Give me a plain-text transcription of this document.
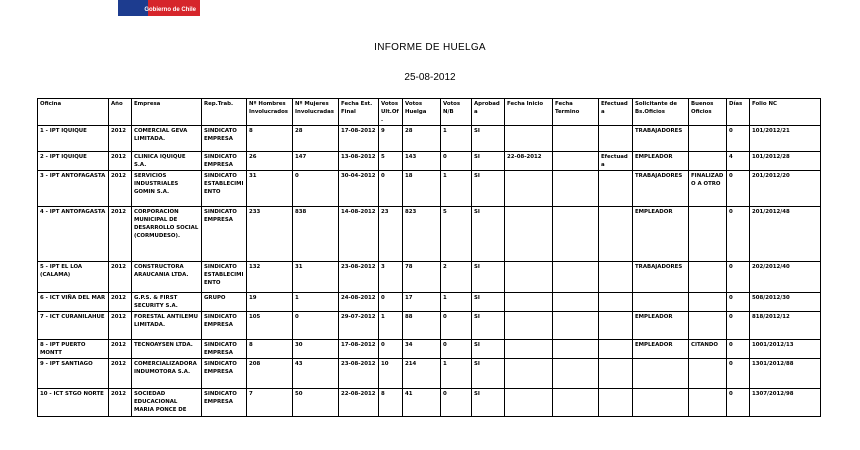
Gobierno de Chile
INFORME DE HUELGA
25-08-2012
Oficina	Año	Empresa	Rep.Trab.	Nº Hombres Involucrados	Nº Mujeres Involucradas	Fecha Est. Final	Votos Ult.Of.	Votos Huelga	Votos N/B	Aprobada	Fecha Inicio	Fecha Termino	Efectuada	Solicitante de Bs.Oficios	Buenos Oficios	Días	Folio NC
1 - IPT IQUIQUE	2012	COMERCIAL GEVA LIMITADA.	SINDICATO EMPRESA	8	28	17-08-2012	9	28	1	SI				TRABAJADORES		0	101/2012/21
2 - IPT IQUIQUE	2012	CLINICA IQUIQUE S.A.	SINDICATO EMPRESA	26	147	13-08-2012	5	143	0	SI	22-08-2012		Efectuada	EMPLEADOR		4	101/2012/28
3 - IPT ANTOFAGASTA	2012	SERVICIOS INDUSTRIALES GOMIN S.A.	SINDICATO ESTABLECIMIENTO	31	0	30-04-2012	0	18	1	SI				TRABAJADORES	FINALIZADO A OTRO	0	201/2012/20
4 - IPT ANTOFAGASTA	2012	CORPORACION MUNICIPAL DE DESARROLLO SOCIAL (CORMUDESO).	SINDICATO EMPRESA	233	838	14-08-2012	23	823	5	SI				EMPLEADOR		0	201/2012/48
5 - IPT EL LOA (CALAMA)	2012	CONSTRUCTORA ARAUCANIA LTDA.	SINDICATO ESTABLECIMIENTO	132	31	23-08-2012	3	78	2	SI				TRABAJADORES		0	202/2012/40
6 - ICT VIÑA DEL MAR	2012	G.P.S. & FIRST SECURITY S.A.	GRUPO	19	1	24-08-2012	0	17	1	SI						0	508/2012/30
7 - ICT CURANILAHUE	2012	FORESTAL ANTILEMU LIMITADA.	SINDICATO EMPRESA	105	0	29-07-2012	1	88	0	SI				EMPLEADOR		0	818/2012/12
8 - IPT PUERTO MONTT	2012	TECNOAYSEN LTDA.	SINDICATO EMPRESA	8	30	17-08-2012	0	34	0	SI				EMPLEADOR	CITANDO	0	1001/2012/13
9 - IPT SANTIAGO	2012	COMERCIALIZADORA INDUMOTORA S.A.	SINDICATO EMPRESA	208	43	23-08-2012	10	214	1	SI						0	1301/2012/88
10 - ICT STGO NORTE	2012	SOCIEDAD EDUCACIONAL MARIA PONCE DE	SINDICATO EMPRESA	7	50	22-08-2012	8	41	0	SI						0	1307/2012/98
